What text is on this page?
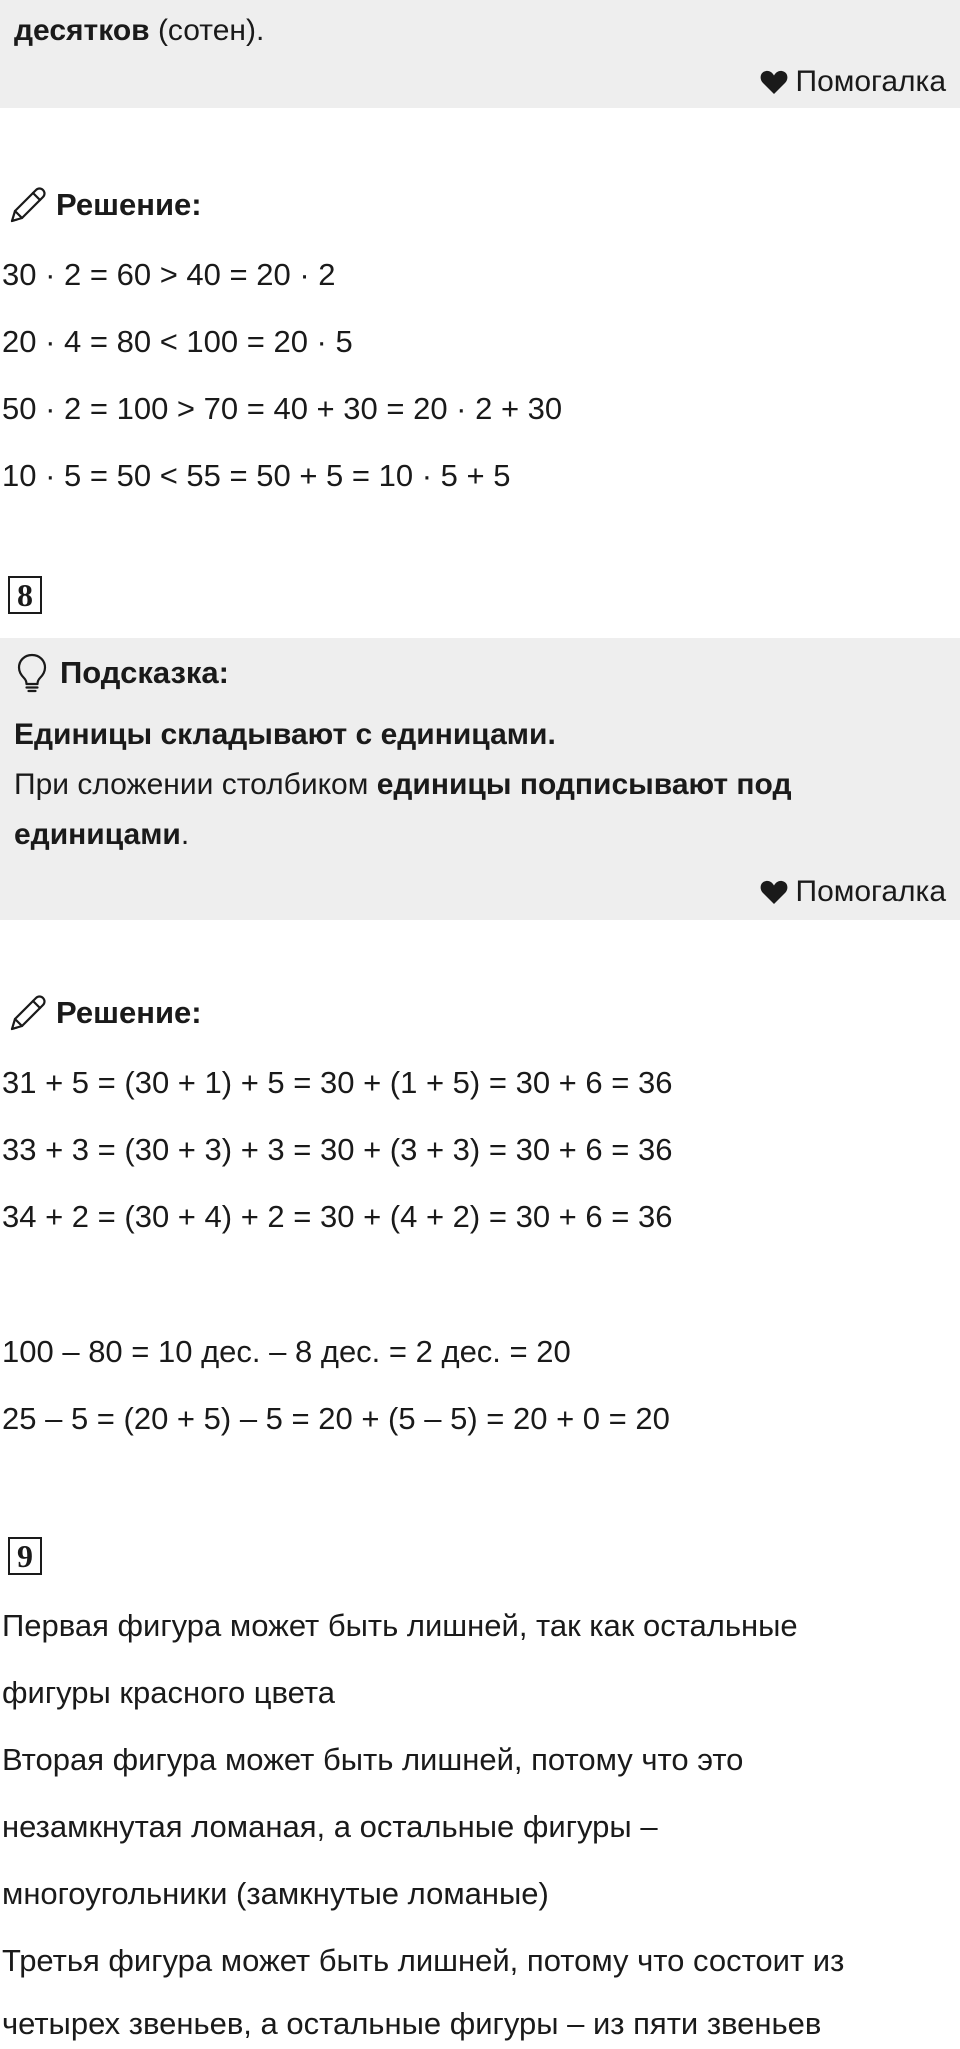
десятков (сотен).
Помогалка
Решение:
30 · 2 = 60 > 40 = 20 · 2
20 · 4 = 80 < 100 = 20 · 5
50 · 2 = 100 > 70 = 40 + 30 = 20 · 2 + 30
10 · 5 = 50 < 55 = 50 + 5 = 10 · 5 + 5
8
Подсказка:
Единицы складывают с единицами.
При сложении столбиком единицы подписывают под
единицами.
Помогалка
Решение:
31 + 5 = (30 + 1) + 5 = 30 + (1 + 5) = 30 + 6 = 36
33 + 3 = (30 + 3) + 3 = 30 + (3 + 3) = 30 + 6 = 36
34 + 2 = (30 + 4) + 2 = 30 + (4 + 2) = 30 + 6 = 36
100 – 80 = 10 дес. – 8 дес. = 2 дес. = 20
25 – 5 = (20 + 5) – 5 = 20 + (5 – 5) = 20 + 0 = 20
9
Первая фигура может быть лишней, так как остальные
фигуры красного цвета
Вторая фигура может быть лишней, потому что это
незамкнутая ломаная, а остальные фигуры –
многоугольники (замкнутые ломаные)
Третья фигура может быть лишней, потому что состоит из
четырех звеньев, а остальные фигуры – из пяти звеньев
